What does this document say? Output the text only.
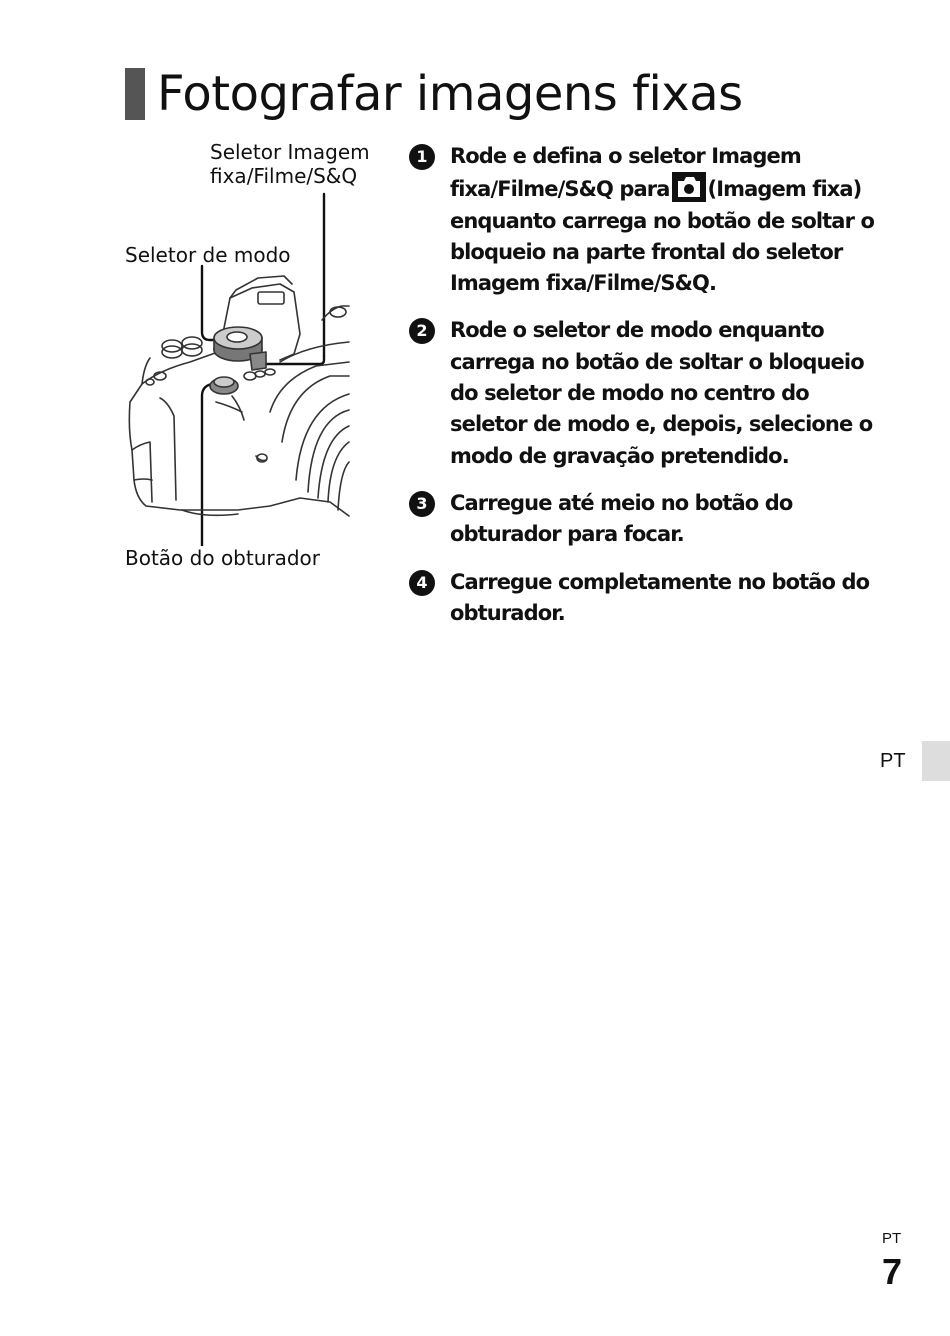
Fotografar imagens fixas
Seletor Imagem
fixa/Filme/S&Q
Seletor de modo
Botão do obturador
1	Rode e defina o seletor Imagem fixa/Filme/S&Q para (Imagem fixa) enquanto carrega no botão de soltar o bloqueio na parte frontal do seletor Imagem fixa/Filme/S&Q.
2	Rode o seletor de modo enquanto carrega no botão de soltar o bloqueio do seletor de modo no centro do seletor de modo e, depois, selecione o modo de gravação pretendido.
3	Carregue até meio no botão do obturador para focar.
4	Carregue completamente no botão do obturador.
PT
PT
7
